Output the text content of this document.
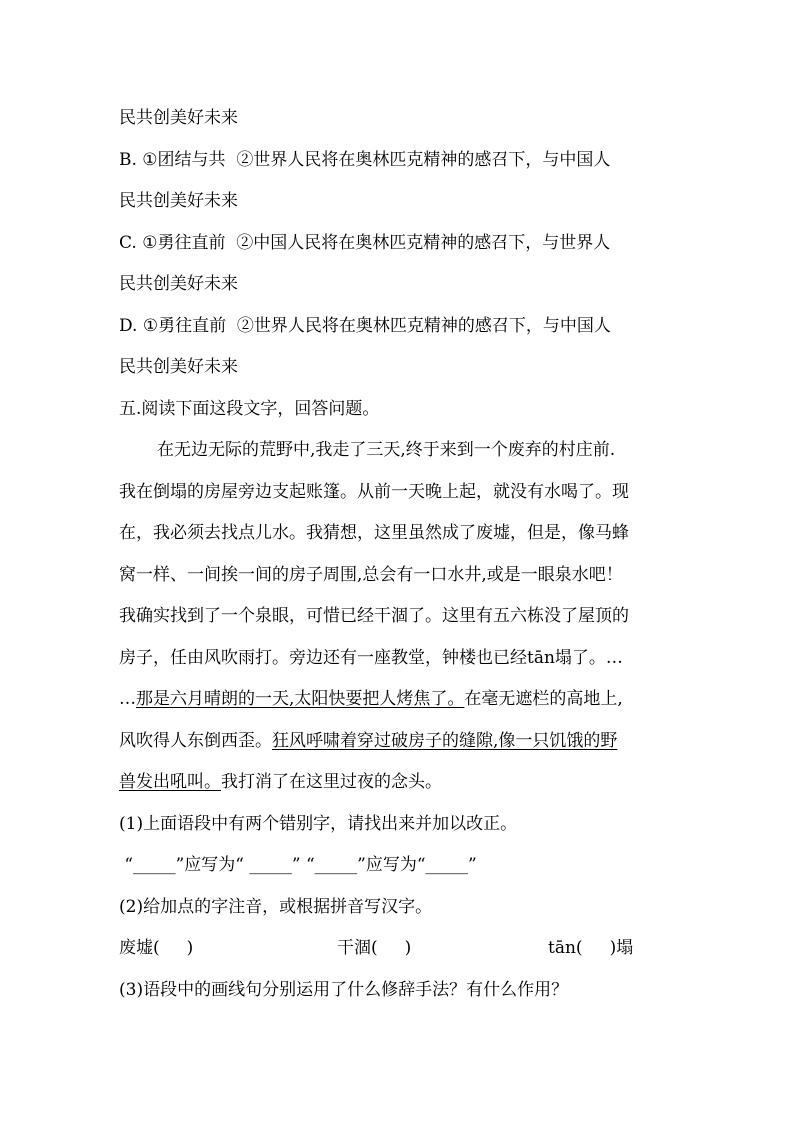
民共创美好未来
B. ①团结与共  ②世界人民将在奥林匹克精神的感召下，与中国人
民共创美好未来
C. ①勇往直前  ②中国人民将在奥林匹克精神的感召下，与世界人
民共创美好未来
D. ①勇往直前  ②世界人民将在奥林匹克精神的感召下，与中国人
民共创美好未来
五.阅读下面这段文字，回答问题。
在无边无际的荒野中,我走了三天,终于来到一个废弃的村庄前.
我在倒塌的房屋旁边支起账篷。从前一天晚上起，就没有水喝了。现
在，我必须去找点儿水。我猜想，这里虽然成了废墟，但是，像马蜂
窝一样、一间挨一间的房子周围,总会有一口水井,或是一眼泉水吧！
我确实找到了一个泉眼，可惜已经干涸了。这里有五六栋没了屋顶的
房子，任由风吹雨打。旁边还有一座教堂，钟楼也已经tān塌了。…
…那是六月晴朗的一天,太阳快要把人烤焦了。在毫无遮栏的高地上,
风吹得人东倒西歪。狂风呼啸着穿过破房子的缝隙,像一只饥饿的野
兽发出吼叫。我打消了在这里过夜的念头。
(1)上面语段中有两个错别字，请找出来并加以改正。
“_____”应写为“ _____” “_____”应写为“_____”
(2)给加点的字注音，或根据拼音写汉字。
废墟(     )	干涸(     )	tān(     )塌
(3)语段中的画线句分别运用了什么修辞手法？有什么作用？
